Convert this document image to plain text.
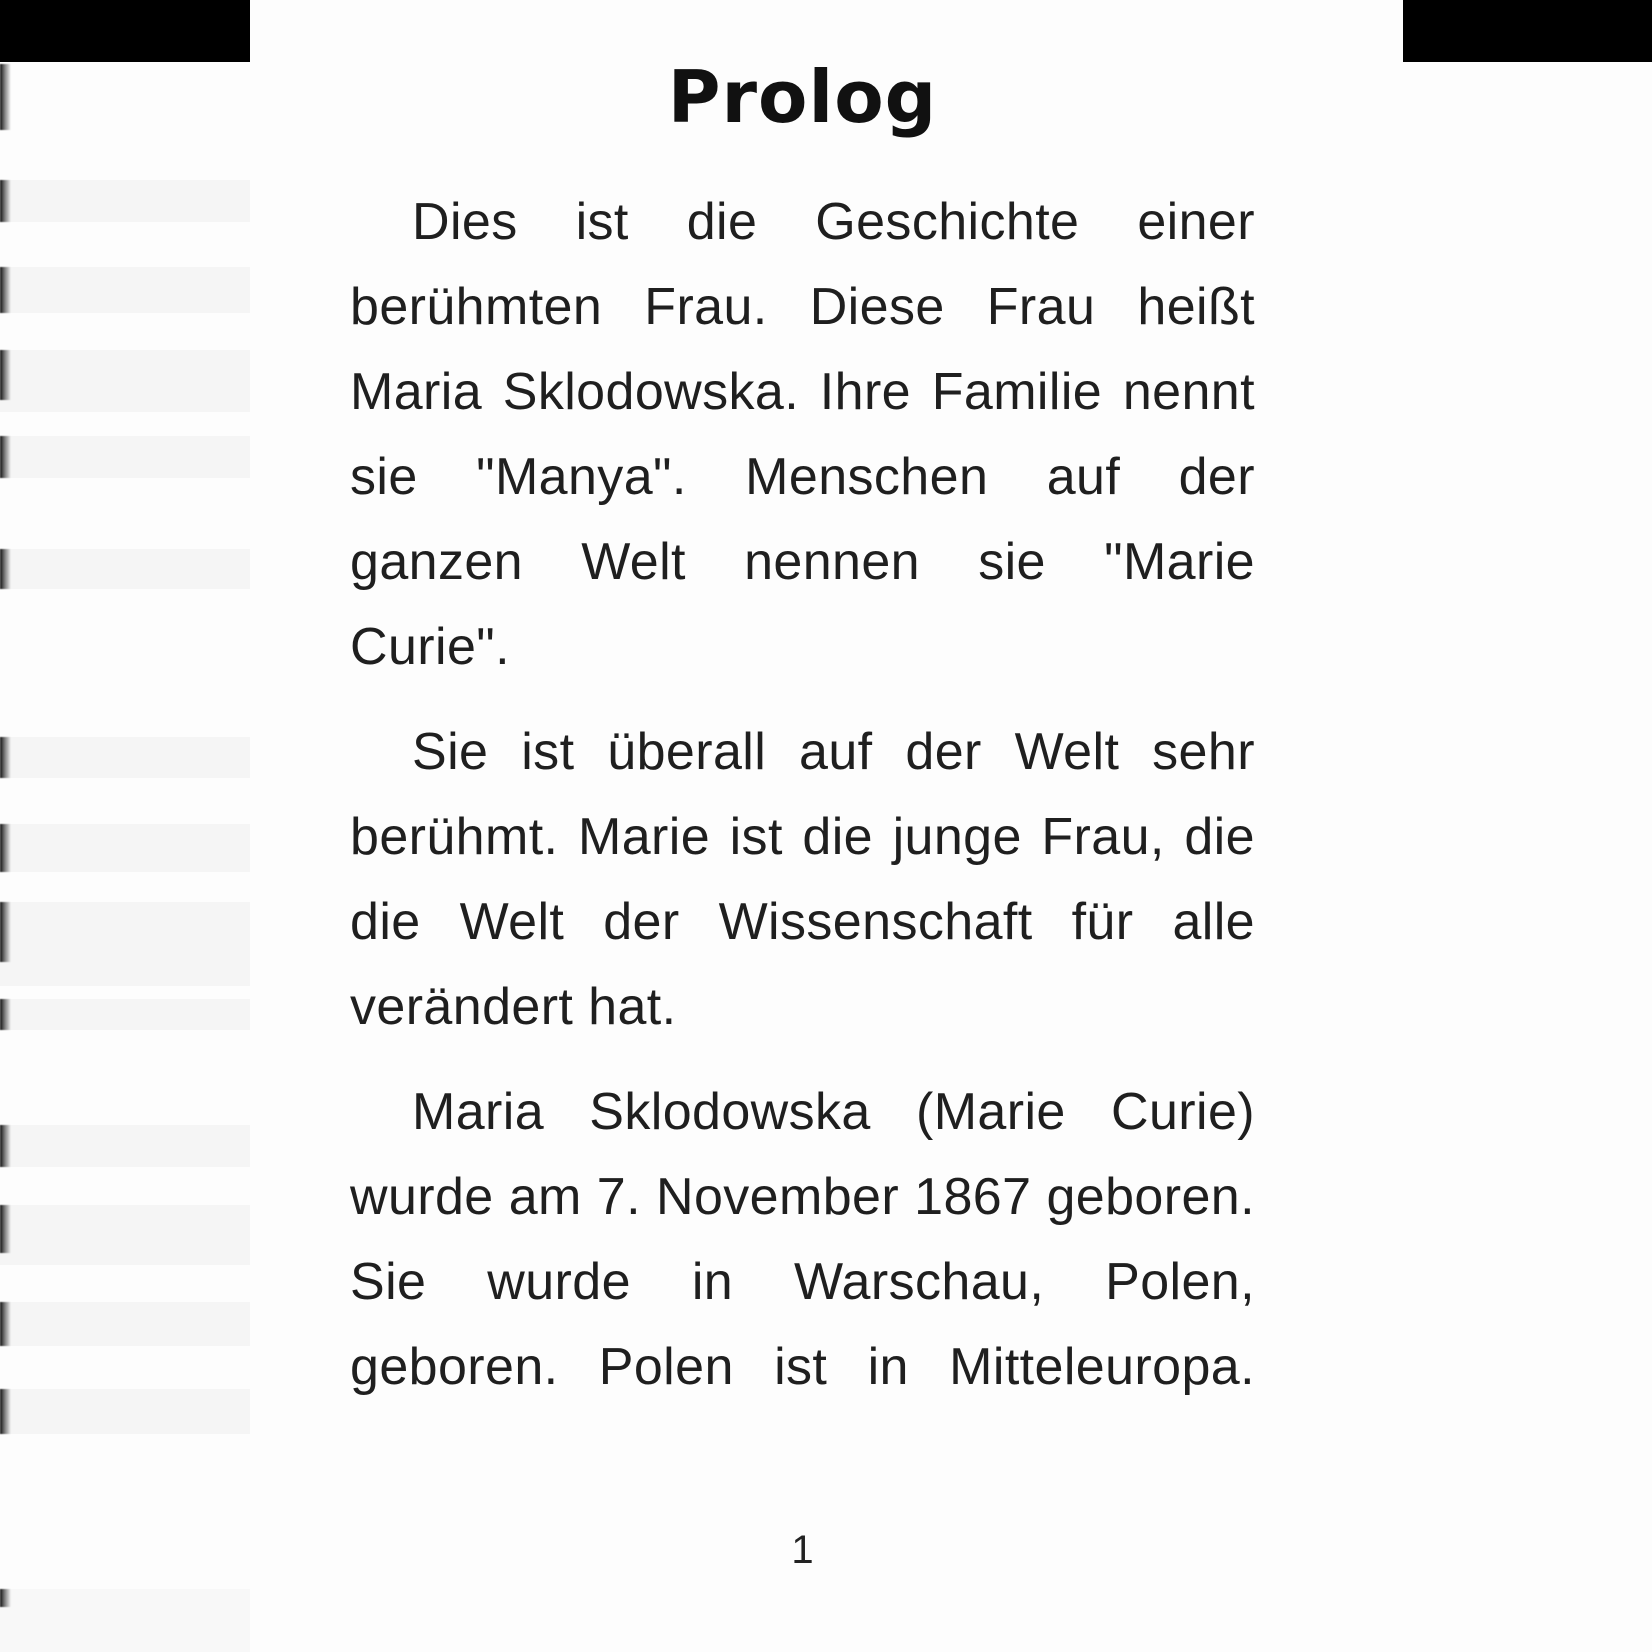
Prolog
Dies ist die Geschichte einer
berühmten Frau. Diese Frau heißt
Maria Sklodowska. Ihre Familie nennt
sie "Manya". Menschen auf der
ganzen Welt nennen sie "Marie
Curie".
Sie ist überall auf der Welt sehr
berühmt. Marie ist die junge Frau, die
die Welt der Wissenschaft für alle
verändert hat.
Maria Sklodowska (Marie Curie)
wurde am 7. November 1867 geboren.
Sie wurde in Warschau, Polen,
geboren. Polen ist in Mitteleuropa.
1
